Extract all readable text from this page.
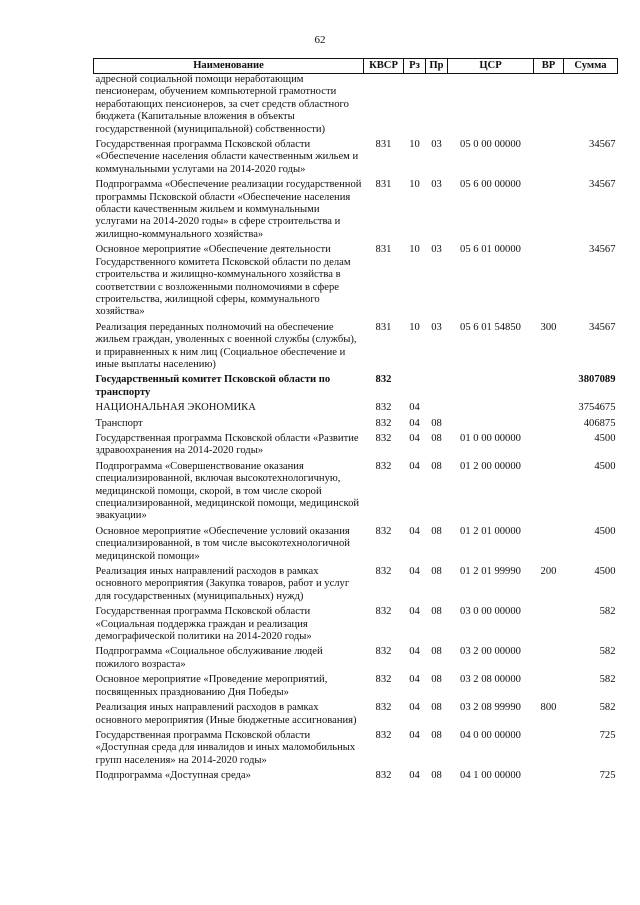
62
Наименование	КВСР	Рз	Пр	ЦСР	ВР	Сумма
адресной социальной помощи неработающим пенсионерам, обучением компьютерной грамотности неработающих пенсионеров, за счет средств областного бюджета (Капитальные вложения в объекты государственной (муниципальной) собственности)						
Государственная программа Псковской области «Обеспечение населения области качественным жильем и коммунальными услугами на 2014-2020 годы»	831	10	03	05 0 00 00000		34567
Подпрограмма «Обеспечение реализации государственной программы Псковской области «Обеспечение населения области качественным жильем и коммунальными услугами на 2014-2020 годы» в сфере строительства и жилищно-коммунального хозяйства»	831	10	03	05 6 00 00000		34567
Основное мероприятие «Обеспечение деятельности Государственного комитета Псковской области по делам строительства и жилищно-коммунального хозяйства в соответствии с возложенными полномочиями в сфере строительства, жилищной сферы, коммунального хозяйства»	831	10	03	05 6 01 00000		34567
Реализация переданных полномочий на обеспечение жильем граждан, уволенных с военной службы (службы), и приравненных к ним лиц (Социальное обеспечение и иные выплаты населению)	831	10	03	05 6 01 54850	300	34567
Государственный комитет Псковской области по транспорту	832					3807089
НАЦИОНАЛЬНАЯ ЭКОНОМИКА	832	04				3754675
Транспорт	832	04	08			406875
Государственная программа Псковской области «Развитие здравоохранения на 2014-2020 годы»	832	04	08	01 0 00 00000		4500
Подпрограмма «Совершенствование оказания специализированной, включая высокотехнологичную, медицинской помощи, скорой, в том числе скорой специализированной, медицинской помощи, медицинской эвакуации»	832	04	08	01 2 00 00000		4500
Основное мероприятие «Обеспечение условий оказания специализированной, в том числе высокотехнологичной медицинской помощи»	832	04	08	01 2 01 00000		4500
Реализация иных направлений расходов в рамках основного мероприятия (Закупка товаров, работ и услуг для государственных (муниципальных) нужд)	832	04	08	01 2 01 99990	200	4500
Государственная программа Псковской области «Социальная поддержка граждан и реализация демографической политики на 2014-2020 годы»	832	04	08	03 0 00 00000		582
Подпрограмма «Социальное обслуживание людей пожилого возраста»	832	04	08	03 2 00 00000		582
Основное мероприятие «Проведение мероприятий, посвященных празднованию Дня Победы»	832	04	08	03 2 08 00000		582
Реализация иных направлений расходов в рамках основного мероприятия (Иные бюджетные ассигнования)	832	04	08	03 2 08 99990	800	582
Государственная программа Псковской области «Доступная среда для инвалидов и иных маломобильных групп населения» на 2014-2020 годы»	832	04	08	04 0 00 00000		725
Подпрограмма «Доступная среда»	832	04	08	04 1 00 00000		725
